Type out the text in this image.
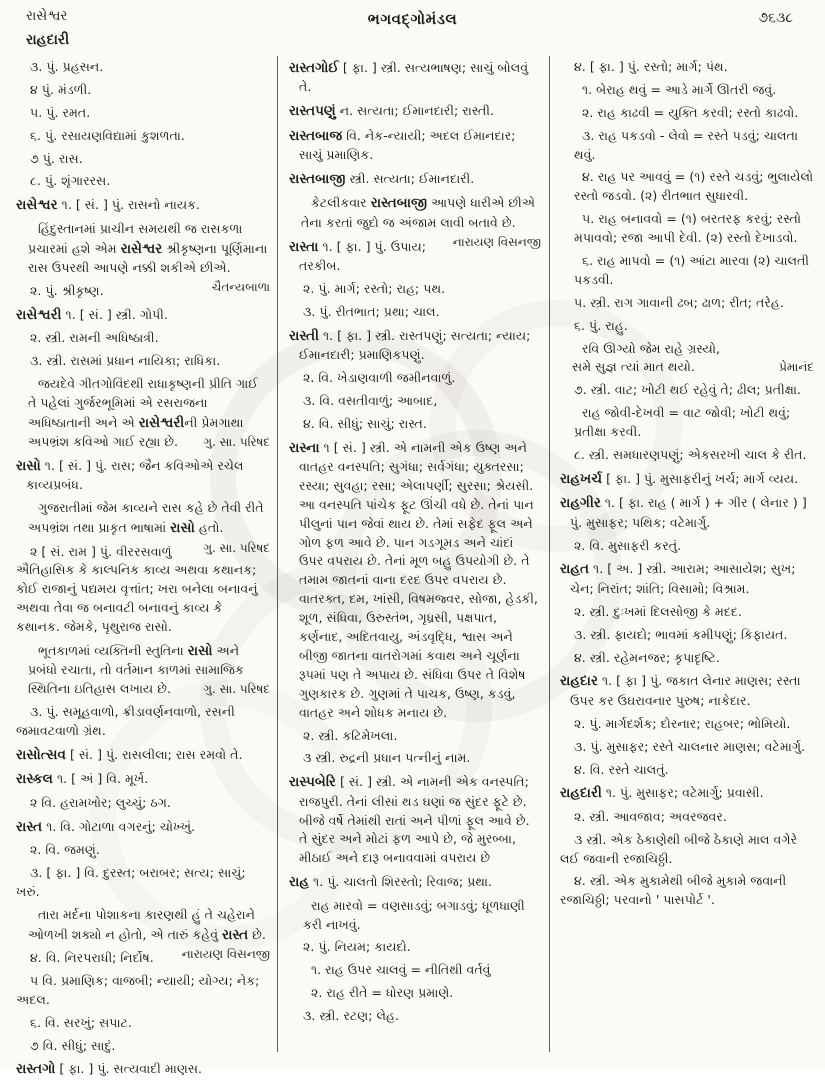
રાસેશ્વર
રાહદારી
ભગવદ્ગોમંડલ	૭૬૩૮
૩. પું. પ્રહસન.
૪ પું. મંડળી.
૫. પું. રમત.
૬. પું. રસાયણવિદ્યામાં કુશળતા.
૭ પું. રાસ.
૮. પું. શૃંગારરસ.
રાસેશ્વર ૧. [ સં. ] પું. રાસનો નાયક.
હિંદુસ્તાનમાં પ્રાચીન સમયથી જ રાસકળા પ્રચારમાં હશે એમ રાસેશ્વર શ્રીકૃષ્ણના પૂર્ણિમાના રાસ ઉપરથી આપણે નક્કી શકીએ છીએ.
ચૈતન્યબાળા
૨. પું. શ્રીકૃષ્ણ.
રાસેશ્વરી ૧. [ સં. ] સ્ત્રી. ગોપી.
૨. સ્ત્રી. રામની અધિષ્ઠાત્રી.
૩. સ્ત્રી. રાસમાં પ્રધાન નાયિકા; રાધિકા.
જયદેવે ગીતગોવિંદથી રાધાકૃષ્ણની પ્રીતિ ગાઈ તે પહેલાં ગુર્જરભૂમિમાં એ રસરાજના અધિષ્ઠાતાની અને એ રાસેશ્વરીની પ્રેમગાથા અપભ્રંશ કવિઓ ગાઈ રહ્યા છે.	ગુ. સા. પરિષદ
રાસો ૧. [ સં. ] પું. રાસ; જૈન કવિઓએ રચેલ કાવ્યપ્રબંધ.
ગુજરાતીમાં જેમ કાવ્યને રાસ કહે છે તેવી રીતે અપભ્રંશ તથા પ્રાકૃત ભાષામાં રાસો હતો.
ગુ. સા. પરિષદ
૨ [ સં. રામ ] પું. વીરરસવાળું ઐતિહાસિક કે કાલ્પનિક કાવ્ય અથવા કથાનક; કોઈ રાજાનું પદ્યમય વૃત્તાંત; ખરા બનેલા બનાવનું અથવા તેવા જ બનાવટી બનાવનું કાવ્ય કે કથાનક. જેમકે, પૃથુરાજ રાસો.
ભૂતકાળમાં વ્યક્તિની સ્તુતિના રાસો અને પ્રબંધો રચાતા, તો વર્તમાન કાળમાં સામાજિક સ્થિતિના ઇતિહાસ લખાય છે.	ગુ. સા. પરિષદ
૩. પું. સમૂહવાળો, ક્રીડાવર્ણનવાળો, રસની જમાવટવાળો ગ્રંથ.
રાસોત્સવ [ સં. ] પું. રાસલીલા; રાસ રમવો તે.
રાસ્કલ ૧. [ અં ] વિ. મૂર્ખ.
૨ વિ. હરામખોર; લુચ્ચું; ઠગ.
રાસ્ત ૧. વિ. ગોટાળા વગરનું; ચોખ્ખું.
૨. વિ. જમણું.
૩. [ ફા. ] વિ. દુરસ્ત; બરાબર; સત્ય; સાચું; ખરું.
તારા મર્દના પોશાકના કારણથી હું તે ચહેરાને ઓળખી શક્યો ન હોતો, એ તારું કહેવું રાસ્ત છે.
નારાયણ વિસનજી
૪. વિ. નિરપરાધી; નિર્દોષ.
૫ વિ. પ્રમાણિક; વાજબી; ન્યાયી; યોગ્ય; નેક; અદલ.
૬. વિ. સરખું; સપાટ.
૭ વિ. સીધું; સાદું.
રાસ્તગો [ ફા. ] પું. સત્યવાદી માણસ.
રાસ્તગોઈ [ ફા. ] સ્ત્રી. સત્યભાષણ; સાચું બોલવું તે.
રાસ્તપણું ન. સત્યતા; ઈમાનદારી; રાસ્તી.
રાસ્તબાજ વિ. નેક-ન્યાયી; અદલ ઈમાનદાર; સાચું પ્રમાણિક.
રાસ્તબાજી સ્ત્રી. સત્યતા; ઈમાનદારી.
કેટલીકવાર રાસ્તબાજી આપણે ધારીએ છીએ તેના કરતાં જુદો જ અંજામ લાવી બતાવે છે.
નારાયણ વિસનજી
રાસ્તા ૧. [ ફા. ] પું. ઉપાય; તરકીબ.
૨. પું. માર્ગ; રસ્તો; રાહ; પથ.
૩. પું. રીતભાત; પ્રથા; ચાલ.
રાસ્તી ૧. [ ફા. ] સ્ત્રી. રાસ્તપણું; સત્યતા; ન્યાય; ઈમાનદારી; પ્રમાણિકપણું.
૨. વિ. ખેડાણવાળી જમીનવાળું.
૩. વિ. વસતીવાળું; આબાદ,
૪. વિ. સીધું; સાચું; રાસ્ત.
રાસ્ના ૧ [ સં. ] સ્ત્રી. એ નામની એક ઉષ્ણ અને વાતહર વનસ્પતિ; સુગંધા; સર્વગંધા; યુક્તરસા; રસ્યા; સુવહા; રસા; એલાપર્ણી; સુરસા; શ્રેયસી. આ વનસ્પતિ પાંચેક ફૂટ ઊંચી વધે છે. તેનાં પાન પીલુનાં પાન જેવાં થાય છે. તેમાં સફેદ ફૂલ અને ગોળ ફળ આવે છે. પાન ગડગૂમડ અને ચાંદાં ઉપર વપરાય છે. તેનાં મૂળ બહુ ઉપયોગી છે. તે તમામ જાતનાં વાના દરદ ઉપર વપરાય છે. વાતરક્ત, દમ, ખાંસી, વિષમજ્વર, સોજા, હેડકી, શૂળ, સંધિવા, ઉરુસ્તંભ, ગૃધ્રસી, પક્ષપાત, કર્ણનાદ, અદિતવાયુ, અંડવૃદ્ધિ, શ્વાસ અને બીજી જાતના વાતરોગમાં કવાથ અને ચૂર્ણના રૂપમાં પણ તે અપાય છે. સંધિવા ઉપર તે વિશેષ ગુણકારક છે. ગુણમાં તે પાચક, ઉષ્ણ, કડવું, વાતહર અને શોધક મનાય છે.
૨. સ્ત્રી. કટિમેખલા.
૩ સ્ત્રી. રુદ્રની પ્રધાન પત્નીનું નામ.
રાસ્પબેરિ [ સં. ] સ્ત્રી. એ નામની એક વનસ્પતિ; રાજપુરી. તેનાં લીસાં થડ ઘણાં જ સુંદર ફૂટે છે. બીજે વર્ષે તેમાંથી રાતાં અને પીળાં ફૂલ આવે છે. તે સુંદર અને મોટાં ફળ આપે છે, જે મુરબ્બા, મીઠાઈ અને દારૂ બનાવવામાં વપરાય છે
રાહ ૧. પું. ચાલતો શિરસ્તો; રિવાજ; પ્રથા.
રાહ મારવો = વણસાડવું; બગાડવું; ધૂળધાણી કરી નાખવું.
૨. પું. નિયમ; કાયદો.
૧. રાહ ઉપર ચાલવું = નીતિથી વર્તવું
૨. રાહ રીતે = ધોરણ પ્રમાણે.
૩. સ્ત્રી. રટણ; લેહ.
૪. [ ફા. ] પું. રસ્તો; માર્ગ; પંથ.
૧. બેરાહ થવું = આડે માર્ગે ઊતરી જવું.
૨. રાહ કાઢવી = યુક્તિ કરવી; રસ્તો કાઢવો.
૩. રાહ પકડવો - લેવો = રસ્તે પડવું; ચાલતા થવું.
૪. રાહ પર આવવું = (૧) રસ્તે ચડવું; ભુલાયેલો રસ્તો જડવો. (૨) રીતભાત સુધારવી.
૫. રાહ બનાવવો = (૧) બરતરફ કરવું; રસ્તો મપાવવો; રજા આપી દેવી. (૨) રસ્તો દેખાડવો.
૬. રાહ માપવો = (૧) આંટા મારવા (૨) ચાલતી પકડવી.
૫. સ્ત્રી. રાગ ગાવાની ઢબ; ઢાળ; રીત; તરેહ.
૬. પું. રાહુ.
રવિ ઊગ્યો જેમ રાહે ગ્રસ્યો,
સમે સુજ્ઞ ત્યાં માત થયો.	પ્રેમાનંદ
૭. સ્ત્રી. વાટ; ખોટી થઈ રહેવું તે; ઢીલ; પ્રતીક્ષા.
રાહ જોવી-દેખવી = વાટ જોવી; ખોટી થવું; પ્રતીક્ષા કરવી.
૮. સ્ત્રી. સમધારણપણું; એકસરખી ચાલ કે રીત.
રાહખર્ચ [ ફા. ] પું. મુસાફરીનું ખર્ચ; માર્ગ વ્યય.
રાહગીર ૧. [ ફા. રાહ ( માર્ગ ) + ગીર ( લેનાર ) ] પું. મુસાફર; પથિક; વટેમાર્ગુ.
૨. વિ. મુસાફરી કરતું.
રાહત ૧. [ અ. ] સ્ત્રી. આરામ; આસાયેશ; સુખ; ચેન; નિરાંત; શાંતિ; વિસામો; વિશ્રામ.
૨. સ્ત્રી. દુઃખમાં દિલસોજી કે મદદ.
૩. સ્ત્રી. ફાયદો; ભાવમાં કમીપણું; કિફાયત.
૪. સ્ત્રી. રહેમનજર; કૃપાદૃષ્ટિ.
રાહદાર ૧. [ ફા ] પું. જકાત લેનાર માણસ; રસ્તા ઉપર કર ઉઘરાવનાર પુરુષ; નાકેદાર.
૨. પું. માર્ગદર્શક; દોરનાર; રાહબર; ભોમિયો.
૩. પું. મુસાફર; રસ્તે ચાલનાર માણસ; વટેમાર્ગુ.
૪. વિ. રસ્તે ચાલતું.
રાહદારી ૧. પું. મુસાફર; વટેમાર્ગુ; પ્રવાસી.
૨. સ્ત્રી. આવજાવ; અવરજવર.
૩ સ્ત્રી. એક ઠેકાણેથી બીજે ઠેકાણે માલ વગેરે લઈ જવાની રજાચિઠ્ઠી.
૪. સ્ત્રી. એક મુકામેથી બીજે મુકામે જવાની રજાચિઠ્ઠી; પરવાનો ' પાસપોર્ટ '.
